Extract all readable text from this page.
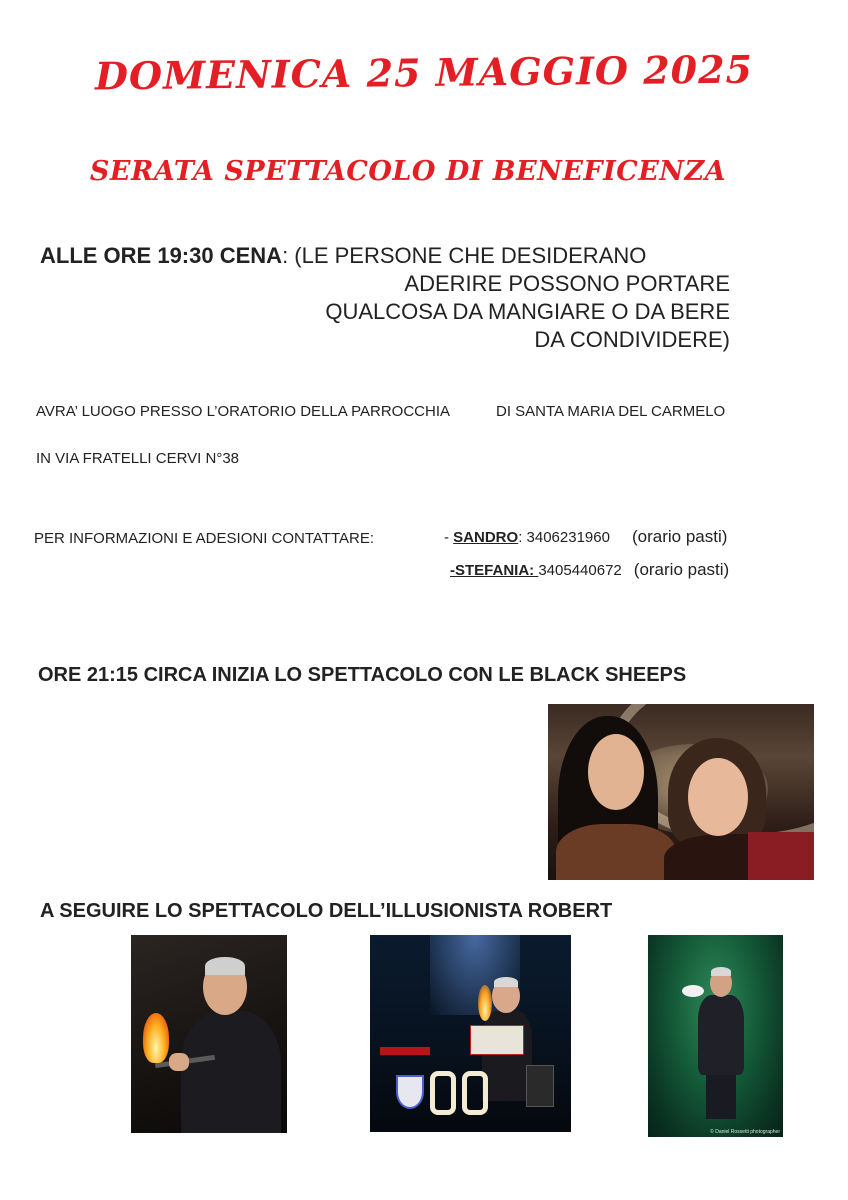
DOMENICA 25 MAGGIO 2025
SERATA SPETTACOLO DI BENEFICENZA
ALLE ORE 19:30 CENA: (LE PERSONE CHE DESIDERANO
ADERIRE POSSONO PORTARE
QUALCOSA DA MANGIARE O DA BERE
DA CONDIVIDERE)
AVRA’ LUOGO PRESSO L’ORATORIO DELLA PARROCCHIA	DI SANTA MARIA DEL CARMELO
IN VIA FRATELLI CERVI N°38
PER INFORMAZIONI E ADESIONI CONTATTARE:	- SANDRO: 3406231960 (orario pasti)
-STEFANIA: 3405440672 (orario pasti)
ORE 21:15 CIRCA INIZIA LO SPETTACOLO CON LE BLACK SHEEPS
A SEGUIRE LO SPETTACOLO DELL’ILLUSIONISTA ROBERT
© Daniel Rossetti photographer
